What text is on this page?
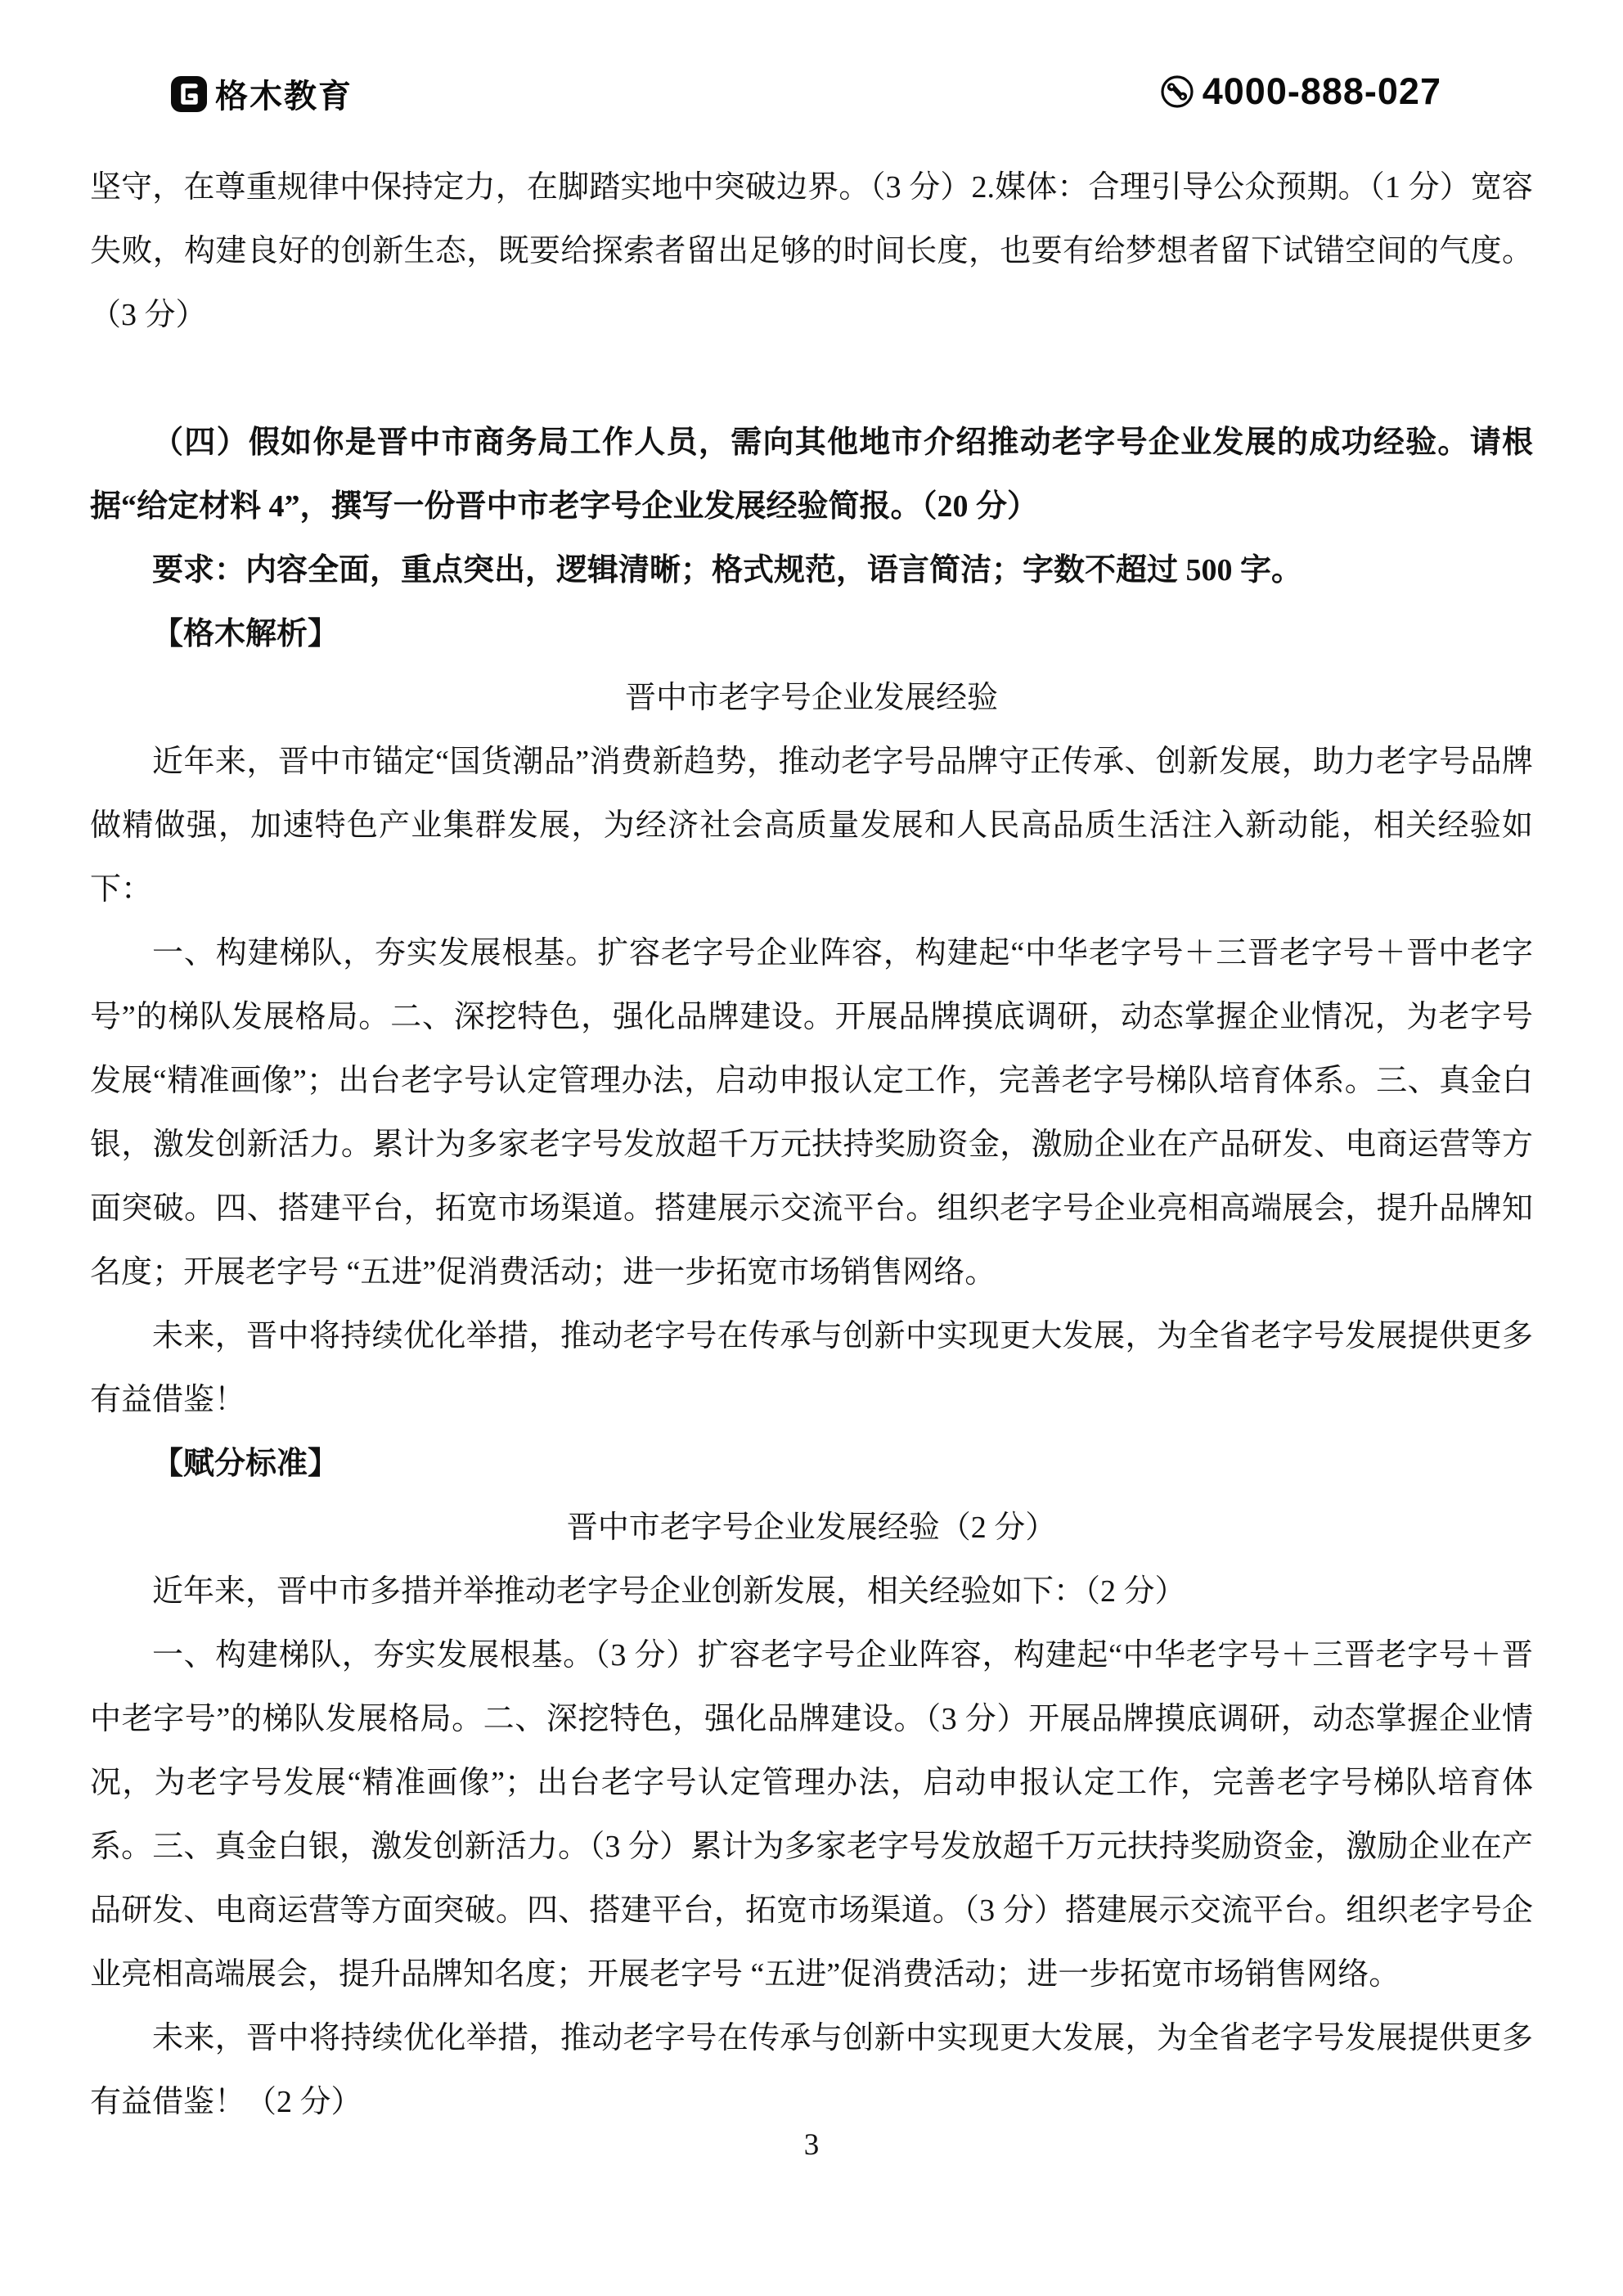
格木教育	4000-888-027

坚守，在尊重规律中保持定力，在脚踏实地中突破边界。（3 分）2.媒体：合理引导公众预期。（1 分）宽容失败，构建良好的创新生态，既要给探索者留出足够的时间长度，也要有给梦想者留下试错空间的气度。（3 分）

（四）假如你是晋中市商务局工作人员，需向其他地市介绍推动老字号企业发展的成功经验。请根据“给定材料 4”，撰写一份晋中市老字号企业发展经验简报。（20 分）

要求：内容全面，重点突出，逻辑清晰；格式规范，语言简洁；字数不超过 500 字。

【格木解析】

晋中市老字号企业发展经验

近年来，晋中市锚定“国货潮品”消费新趋势，推动老字号品牌守正传承、创新发展，助力老字号品牌做精做强，加速特色产业集群发展，为经济社会高质量发展和人民高品质生活注入新动能，相关经验如下：

一、构建梯队，夯实发展根基。扩容老字号企业阵容，构建起“中华老字号＋三晋老字号＋晋中老字号”的梯队发展格局。二、深挖特色，强化品牌建设。开展品牌摸底调研，动态掌握企业情况，为老字号发展“精准画像”；出台老字号认定管理办法，启动申报认定工作，完善老字号梯队培育体系。三、真金白银，激发创新活力。累计为多家老字号发放超千万元扶持奖励资金，激励企业在产品研发、电商运营等方面突破。四、搭建平台，拓宽市场渠道。搭建展示交流平台。组织老字号企业亮相高端展会，提升品牌知名度；开展老字号 “五进”促消费活动；进一步拓宽市场销售网络。

未来，晋中将持续优化举措，推动老字号在传承与创新中实现更大发展，为全省老字号发展提供更多有益借鉴！

【赋分标准】

晋中市老字号企业发展经验（2 分）

近年来，晋中市多措并举推动老字号企业创新发展，相关经验如下：（2 分）

一、构建梯队，夯实发展根基。（3 分）扩容老字号企业阵容，构建起“中华老字号＋三晋老字号＋晋中老字号”的梯队发展格局。二、深挖特色，强化品牌建设。（3 分）开展品牌摸底调研，动态掌握企业情况，为老字号发展“精准画像”；出台老字号认定管理办法，启动申报认定工作，完善老字号梯队培育体系。三、真金白银，激发创新活力。（3 分）累计为多家老字号发放超千万元扶持奖励资金，激励企业在产品研发、电商运营等方面突破。四、搭建平台，拓宽市场渠道。（3 分）搭建展示交流平台。组织老字号企业亮相高端展会，提升品牌知名度；开展老字号 “五进”促消费活动；进一步拓宽市场销售网络。

未来，晋中将持续优化举措，推动老字号在传承与创新中实现更大发展，为全省老字号发展提供更多有益借鉴！（2 分）

3
